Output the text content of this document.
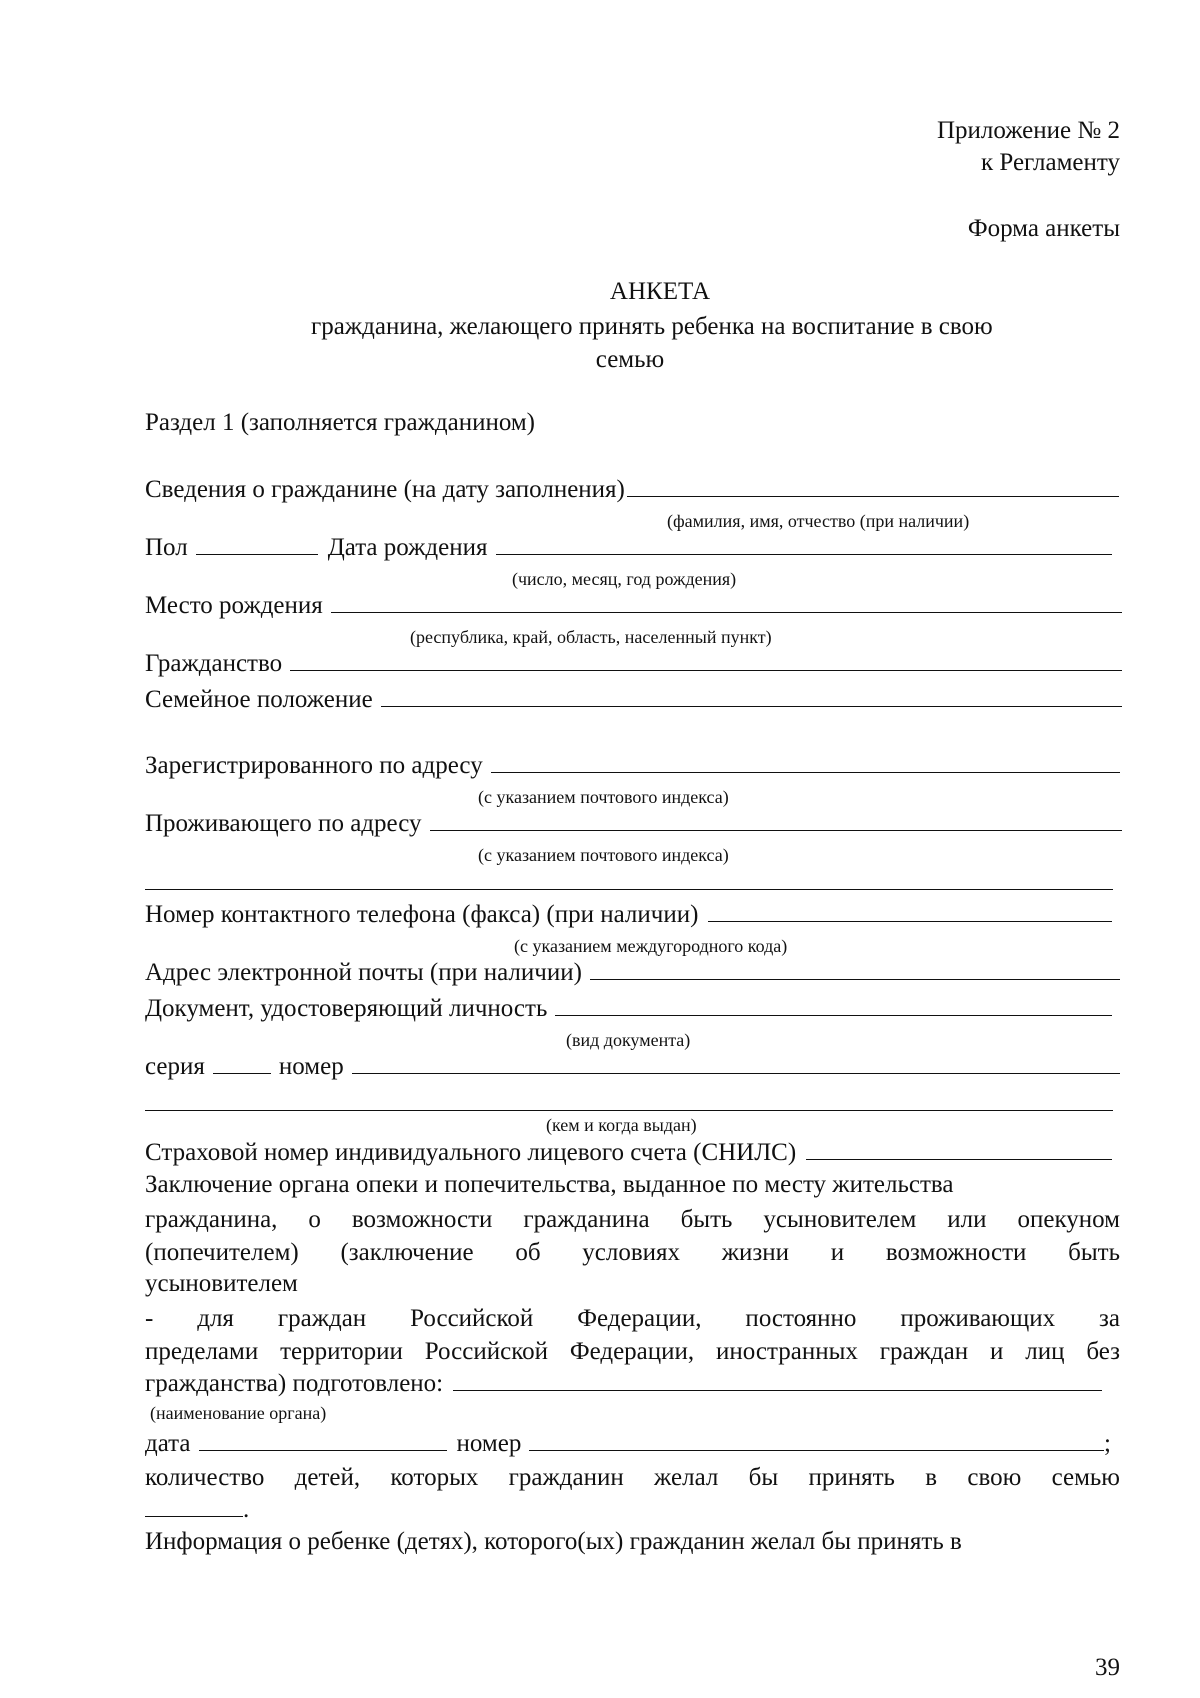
Приложение № 2
к Регламенту
Форма анкеты
АНКЕТА
гражданина, желающего принять ребенка на воспитание в свою
семью
Раздел 1 (заполняется гражданином)
Сведения о гражданине (на дату заполнения)
(фамилия, имя, отчество (при наличии)
Пол	Дата рождения
(число, месяц, год рождения)
Место рождения
(республика, край, область, населенный пункт)
Гражданство
Семейное положение
Зарегистрированного по адресу
(с указанием почтового индекса)
Проживающего по адресу
(с указанием почтового индекса)
Номер контактного телефона (факса) (при наличии)
(с указанием междугородного кода)
Адрес электронной почты (при наличии)
Документ, удостоверяющий личность
(вид документа)
серия	номер
(кем и когда выдан)
Страховой номер индивидуального лицевого счета (СНИЛС)
Заключение органа опеки и попечительства, выданное по месту жительства
гражданина, о возможности гражданина быть усыновителем или опекуном
(попечителем) (заключение об условиях жизни и возможности быть
усыновителем
- для граждан Российской Федерации, постоянно проживающих за
пределами территории Российской Федерации, иностранных граждан и лиц без
гражданства) подготовлено:
(наименование органа)
дата	номер	;
количество детей, которых гражданин желал бы принять в свою семью
.
Информация о ребенке (детях), которого(ых) гражданин желал бы принять в
39
